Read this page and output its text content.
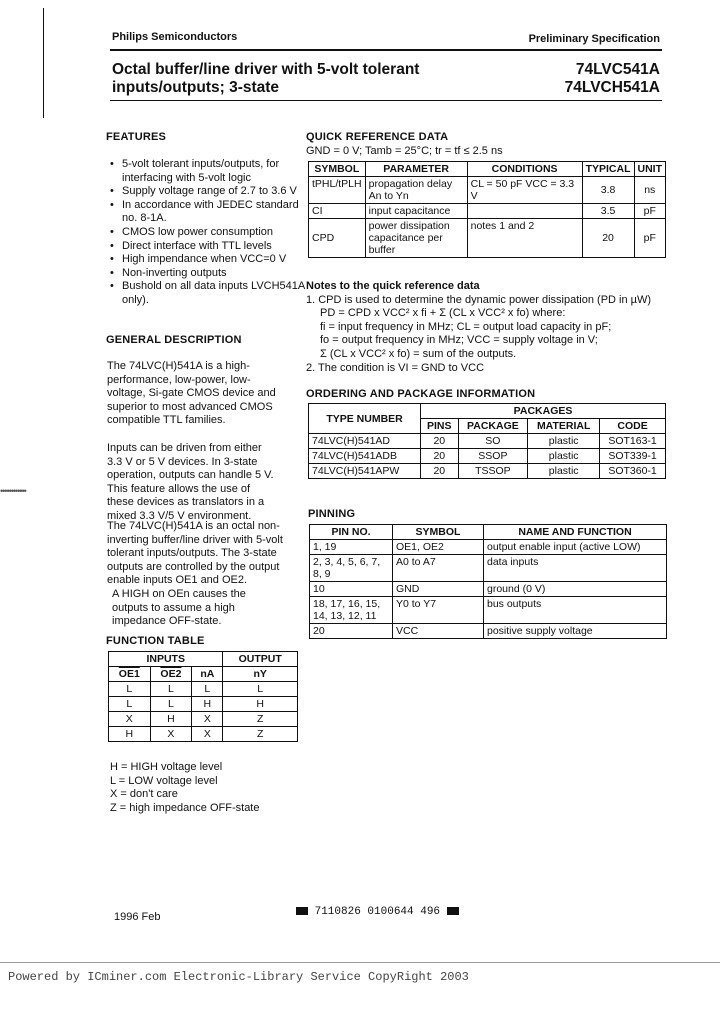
Philips Semiconductors	Preliminary Specification
Octal buffer/line driver with 5-volt tolerant
inputs/outputs; 3-state
74LVC541A
74LVCH541A
FEATURES
• 5-volt tolerant inputs/outputs, for interfacing with 5-volt logic
• Supply voltage range of 2.7 to 3.6 V
• In accordance with JEDEC standard no. 8-1A.
• CMOS low power consumption
• Direct interface with TTL levels
• High impendance when VCC=0 V
• Non-inverting outputs
• Bushold on all data inputs LVCH541A only).
GENERAL DESCRIPTION
The 74LVC(H)541A is a high-performance, low-power, low-voltage, Si-gate CMOS device and superior to most advanced CMOS compatible TTL families.
Inputs can be driven from either 3.3 V or 5 V devices. In 3-state operation, outputs can handle 5 V. This feature allows the use of these devices as translators in a mixed 3.3 V/5 V environment.
The 74LVC(H)541A is an octal non-inverting buffer/line driver with 5-volt tolerant inputs/outputs. The 3-state outputs are controlled by the output enable inputs OE1 and OE2.
A HIGH on OEn causes the outputs to assume a high impedance OFF-state.
FUNCTION TABLE
INPUTS			OUTPUT
OE1	OE2	nA	nY
L	L	L	L
L	L	H	H
X	H	X	Z
H	X	X	Z
H = HIGH voltage level
L = LOW voltage level
X = don't care
Z = high impedance OFF-state
QUICK REFERENCE DATA
GND = 0 V; Tamb = 25°C; tr = tf ≤ 2.5 ns
SYMBOL	PARAMETER	CONDITIONS	TYPICAL	UNIT
tPHL/tPLH	propagation delay An to Yn	CL = 50 pF VCC = 3.3 V	3.8	ns
CI	input capacitance		3.5	pF
CPD	power dissipation capacitance per buffer	notes 1 and 2	20	pF
Notes to the quick reference data
1. CPD is used to determine the dynamic power dissipation (PD in µW)
PD = CPD x VCC² x fi + Σ (CL x VCC² x fo) where:
fi = input frequency in MHz; CL = output load capacity in pF;
fo = output frequency in MHz; VCC = supply voltage in V;
Σ (CL x VCC² x fo) = sum of the outputs.
2. The condition is VI = GND to VCC
ORDERING AND PACKAGE INFORMATION
TYPE NUMBER	PACKAGES			
	PINS	PACKAGE	MATERIAL	CODE
74LVC(H)541AD	20	SO	plastic	SOT163-1
74LVC(H)541ADB	20	SSOP	plastic	SOT339-1
74LVC(H)541APW	20	TSSOP	plastic	SOT360-1
PINNING
PIN NO.	SYMBOL	NAME AND FUNCTION
1, 19	OE1, OE2	output enable input (active LOW)
2, 3, 4, 5, 6, 7, 8, 9	A0 to A7	data inputs
10	GND	ground (0 V)
18, 17, 16, 15, 14, 13, 12, 11	Y0 to Y7	bus outputs
20	VCC	positive supply voltage
1996 Feb	7110826 0100644 496
••••••••••••
Powered by ICminer.com Electronic-Library Service CopyRight 2003
